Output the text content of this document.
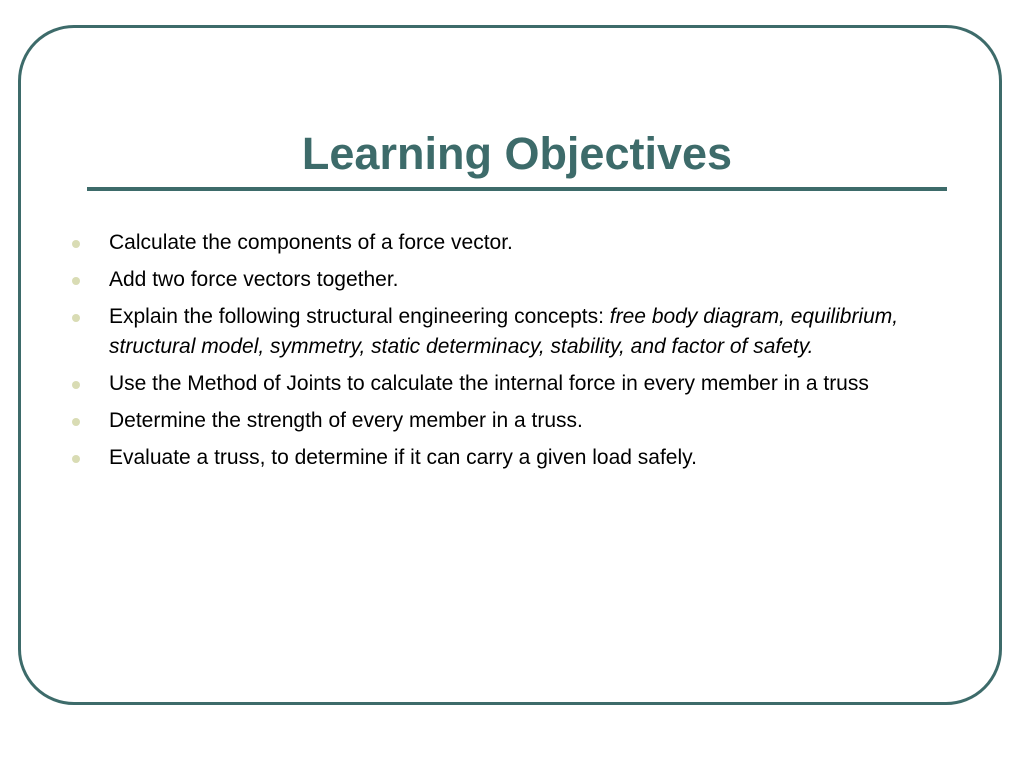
Learning Objectives
Calculate the components of a force vector.
Add two force vectors together.
Explain the following structural engineering concepts: free body diagram, equilibrium, structural model, symmetry, static determinacy, stability, and factor of safety.
Use the Method of Joints to calculate the internal force in every member in a truss
Determine the strength of every member in a truss.
Evaluate a truss, to determine if it can carry a given load safely.
